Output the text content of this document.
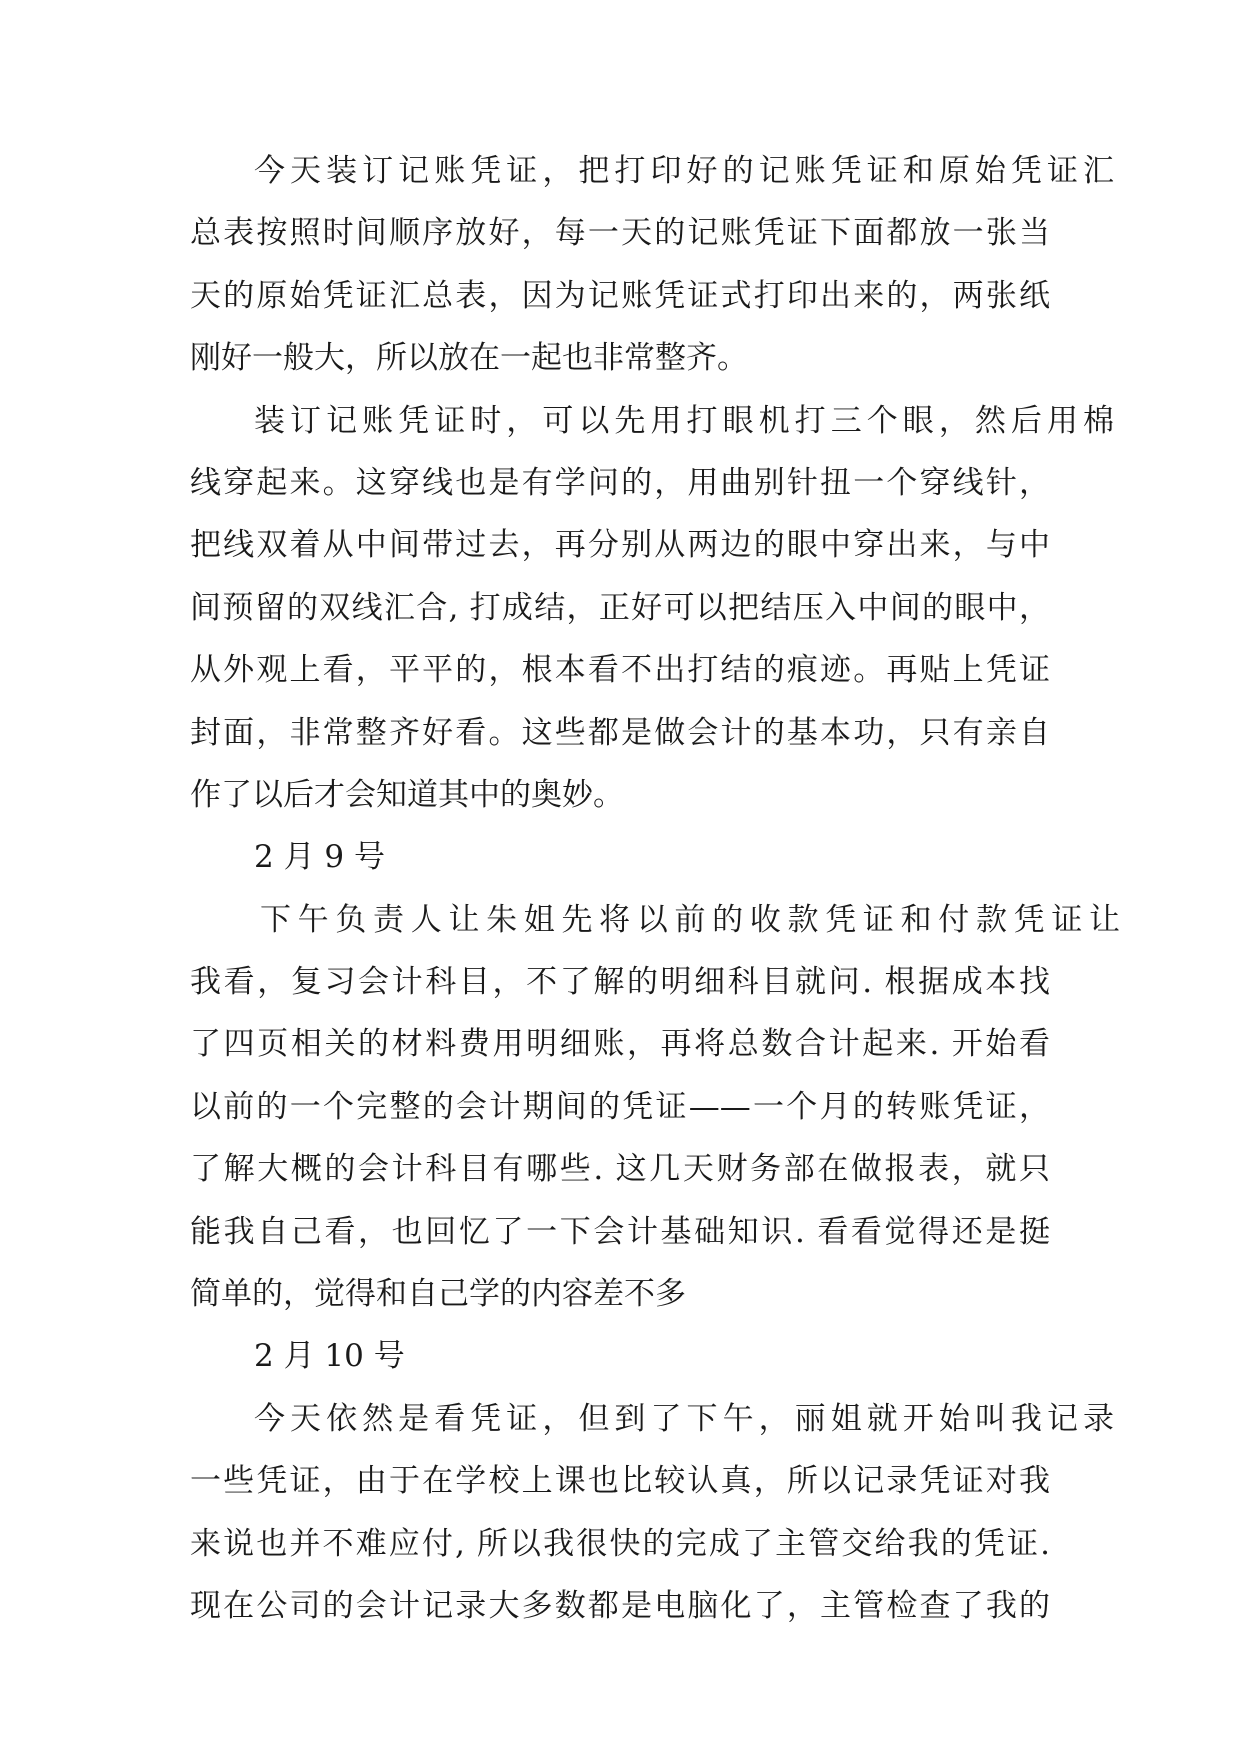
今天装订记账凭证，把打印好的记账凭证和原始凭证汇
总表按照时间顺序放好，每一天的记账凭证下面都放一张当
天的原始凭证汇总表，因为记账凭证式打印出来的，两张纸
刚好一般大，所以放在一起也非常整齐。
装订记账凭证时，可以先用打眼机打三个眼，然后用棉
线穿起来。这穿线也是有学问的，用曲别针扭一个穿线针，
把线双着从中间带过去，再分别从两边的眼中穿出来，与中
间预留的双线汇合, 打成结，正好可以把结压入中间的眼中，
从外观上看，平平的，根本看不出打结的痕迹。再贴上凭证
封面，非常整齐好看。这些都是做会计的基本功，只有亲自
作了以后才会知道其中的奥妙。
2 月 9 号
下午负责人让朱姐先将以前的收款凭证和付款凭证让
我看，复习会计科目，不了解的明细科目就问. 根据成本找
了四页相关的材料费用明细账，再将总数合计起来. 开始看
以前的一个完整的会计期间的凭证——一个月的转账凭证，
了解大概的会计科目有哪些. 这几天财务部在做报表，就只
能我自己看，也回忆了一下会计基础知识. 看看觉得还是挺
简单的，觉得和自己学的内容差不多
2 月 10 号
今天依然是看凭证，但到了下午，丽姐就开始叫我记录
一些凭证，由于在学校上课也比较认真，所以记录凭证对我
来说也并不难应付, 所以我很快的完成了主管交给我的凭证.
现在公司的会计记录大多数都是电脑化了，主管检查了我的
